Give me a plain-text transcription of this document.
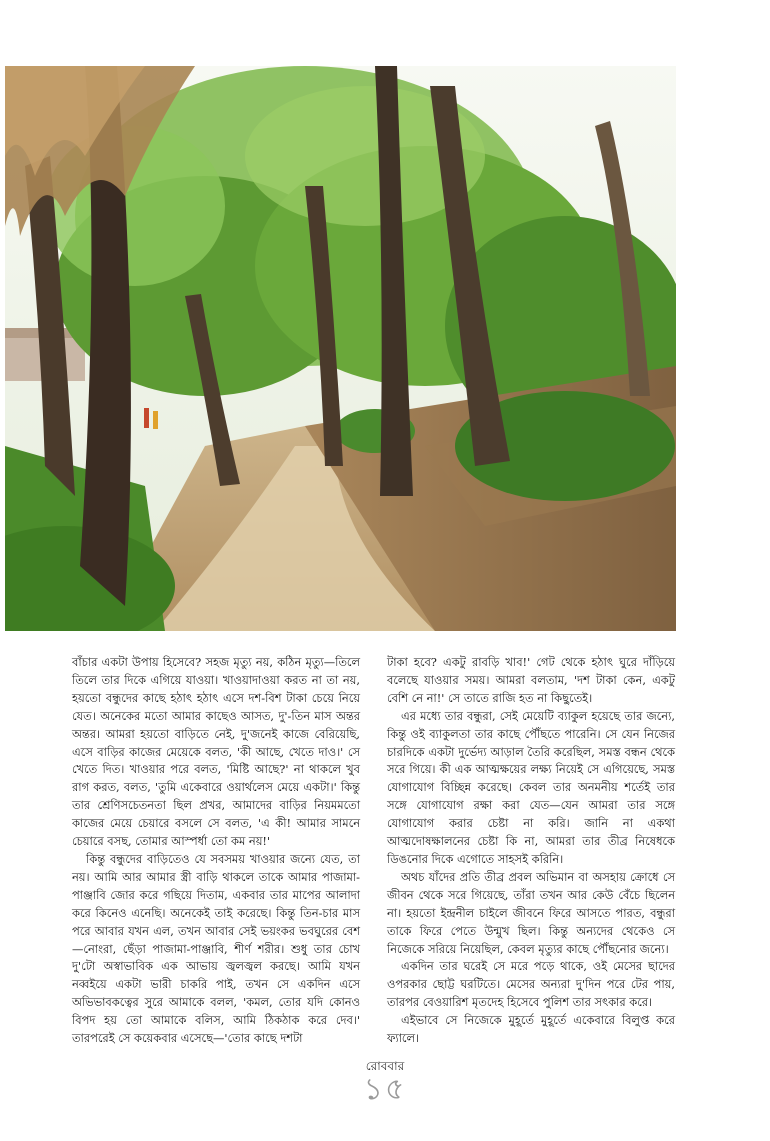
বাঁচার একটা উপায় হিসেবে? সহজ মৃত্যু নয়, কঠিন মৃত্যু—তিলে তিলে তার দিকে এগিয়ে যাওয়া। খাওয়াদাওয়া করত না তা নয়, হয়তো বন্ধুদের কাছে হঠাৎ হঠাৎ এসে দশ-বিশ টাকা চেয়ে নিয়ে যেত। অনেকের মতো আমার কাছেও আসত, দু'-তিন মাস অন্তর অন্তর। আমরা হয়তো বাড়িতে নেই, দু'জনেই কাজে বেরিয়েছি, এসে বাড়ির কাজের মেয়েকে বলত, 'কী আছে, খেতে দাও।' সে খেতে দিত। খাওয়ার পরে বলত, 'মিষ্টি আছে?' না থাকলে খুব রাগ করত, বলত, 'তুমি একেবারে ওয়ার্থলেস মেয়ে একটা।' কিন্তু তার শ্রেণিসচেতনতা ছিল প্রখর, আমাদের বাড়ির নিয়মমতো কাজের মেয়ে চেয়ারে বসলে সে বলত, 'এ কী! আমার সামনে চেয়ারে বসছ, তোমার আস্পর্ধা তো কম নয়!'

কিন্তু বন্ধুদের বাড়িতেও যে সবসময় খাওয়ার জন্যে যেত, তা নয়। আমি আর আমার স্ত্রী বাড়ি থাকলে তাকে আমার পাজামা-পাঞ্জাবি জোর করে গছিয়ে দিতাম, একবার তার মাপের আলাদা করে কিনেও এনেছি। অনেকেই তাই করেছে। কিন্তু তিন-চার মাস পরে আবার যখন এল, তখন আবার সেই ভয়ংকর ভবঘুরের বেশ—নোংরা, ছেঁড়া পাজামা-পাঞ্জাবি, শীর্ণ শরীর। শুধু তার চোখ দু'টো অস্বাভাবিক এক আভায় জ্বলজ্বল করছে। আমি যখন নব্বইয়ে একটা ভারী চাকরি পাই, তখন সে একদিন এসে অভিভাবকত্বের সুরে আমাকে বলল, 'কমল, তোর যদি কোনও বিপদ হয় তো আমাকে বলিস, আমি ঠিকঠাক করে দেব।' তারপরেই সে কয়েকবার এসেছে—'তোর কাছে দশটা

টাকা হবে? একটু রাবড়ি খাব!' গেট থেকে হঠাৎ ঘুরে দাঁড়িয়ে বলেছে যাওয়ার সময়। আমরা বলতাম, 'দশ টাকা কেন, একটু বেশি নে না!' সে তাতে রাজি হত না কিছুতেই।

এর মধ্যে তার বন্ধুরা, সেই মেয়েটি ব্যাকুল হয়েছে তার জন্যে, কিন্তু ওই ব্যাকুলতা তার কাছে পৌঁছতে পারেনি। সে যেন নিজের চারদিকে একটা দুর্ভেদ্য আড়াল তৈরি করেছিল, সমস্ত বন্ধন থেকে সরে গিয়ে। কী এক আত্মক্ষয়ের লক্ষ্য নিয়েই সে এগিয়েছে, সমস্ত যোগাযোগ বিচ্ছিন্ন করেছে। কেবল তার অনমনীয় শর্তেই তার সঙ্গে যোগাযোগ রক্ষা করা যেত—যেন আমরা তার সঙ্গে যোগাযোগ করার চেষ্টা না করি। জানি না একথা আত্মদোষক্ষালনের চেষ্টা কি না, আমরা তার তীব্র নিষেধকে ডিঙনোর দিকে এগোতে সাহসই করিনি।

অথচ যাঁদের প্রতি তীব্র প্রবল অভিমান বা অসহায় ক্রোধে সে জীবন থেকে সরে গিয়েছে, তাঁরা তখন আর কেউ বেঁচে ছিলেন না। হয়তো ইন্দ্রনীল চাইলে জীবনে ফিরে আসতে পারত, বন্ধুরা তাকে ফিরে পেতে উন্মুখ ছিল। কিন্তু অন্যদের থেকেও সে নিজেকে সরিয়ে নিয়েছিল, কেবল মৃত্যুর কাছে পৌঁছনোর জন্যে।

একদিন তার ঘরেই সে মরে পড়ে থাকে, ওই মেসের ছাদের ওপরকার ছোট্ট ঘরটিতে। মেসের অন্যরা দু'দিন পরে টের পায়, তারপর বেওয়ারিশ মৃতদেহ হিসেবে পুলিশ তার সৎকার করে।

এইভাবে সে নিজেকে মুহূর্তে মুহূর্তে একেবারে বিলুপ্ত করে ফ্যালে।

রোববার
১৫
